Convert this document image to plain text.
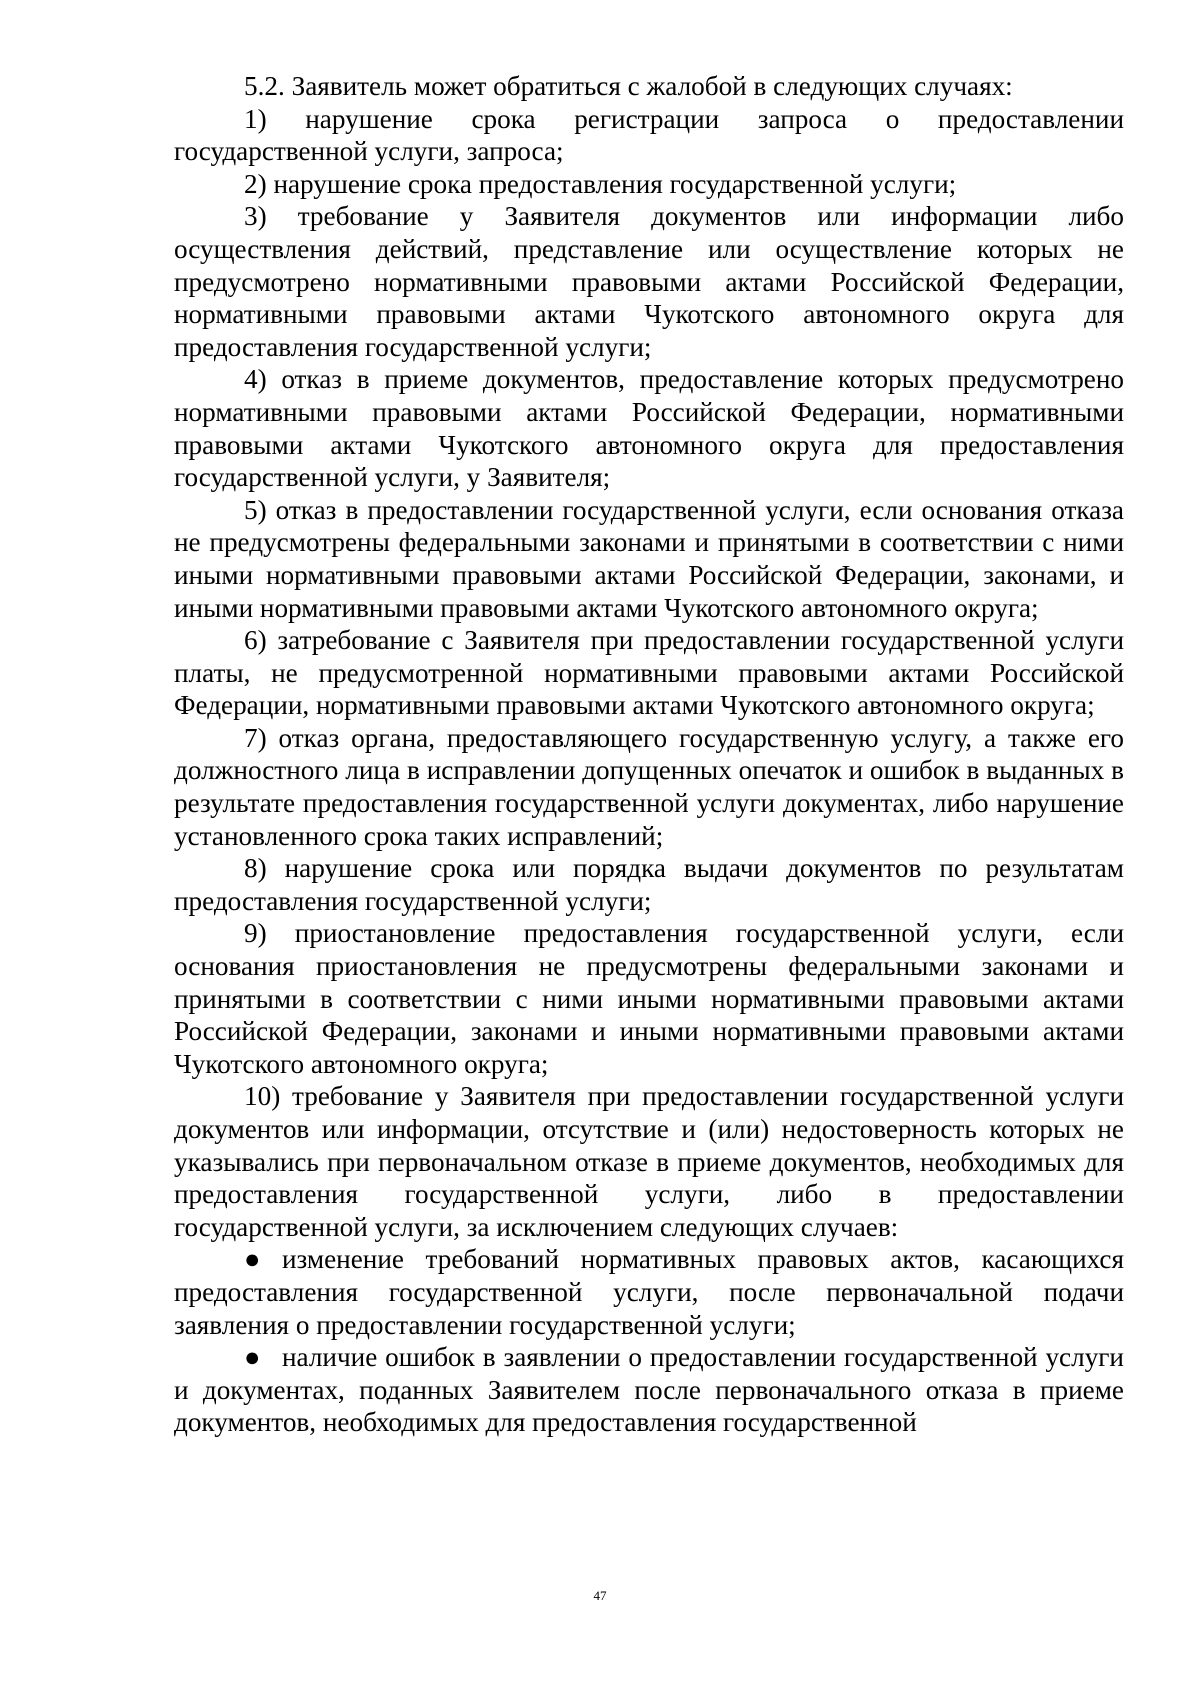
5.2. Заявитель может обратиться с жалобой в следующих случаях:

1) нарушение срока регистрации запроса о предоставлении государственной услуги, запроса;

2) нарушение срока предоставления государственной услуги;

3) требование у Заявителя документов или информации либо осуществления действий, представление или осуществление которых не предусмотрено нормативными правовыми актами Российской Федерации, нормативными правовыми актами Чукотского автономного округа для предоставления государственной услуги;

4) отказ в приеме документов, предоставление которых предусмотрено нормативными правовыми актами Российской Федерации, нормативными правовыми актами Чукотского автономного округа для предоставления государственной услуги, у Заявителя;

5) отказ в предоставлении государственной услуги, если основания отказа не предусмотрены федеральными законами и принятыми в соответствии с ними иными нормативными правовыми актами Российской Федерации, законами, и иными нормативными правовыми актами Чукотского автономного округа;

6) затребование с Заявителя при предоставлении государственной услуги платы, не предусмотренной нормативными правовыми актами Российской Федерации, нормативными правовыми актами Чукотского автономного округа;

7) отказ органа, предоставляющего государственную услугу, а также его должностного лица в исправлении допущенных опечаток и ошибок в выданных в результате предоставления государственной услуги документах, либо нарушение установленного срока таких исправлений;

8) нарушение срока или порядка выдачи документов по результатам предоставления государственной услуги;

9) приостановление предоставления государственной услуги, если основания приостановления не предусмотрены федеральными законами и принятыми в соответствии с ними иными нормативными правовыми актами Российской Федерации, законами и иными нормативными правовыми актами Чукотского автономного округа;

10) требование у Заявителя при предоставлении государственной услуги документов или информации, отсутствие и (или) недостоверность которых не указывались при первоначальном отказе в приеме документов, необходимых для предоставления государственной услуги, либо в предоставлении государственной услуги, за исключением следующих случаев:

● изменение требований нормативных правовых актов, касающихся предоставления государственной услуги, после первоначальной подачи заявления о предоставлении государственной услуги;

● наличие ошибок в заявлении о предоставлении государственной услуги и документах, поданных Заявителем после первоначального отказа в приеме документов, необходимых для предоставления государственной

47
